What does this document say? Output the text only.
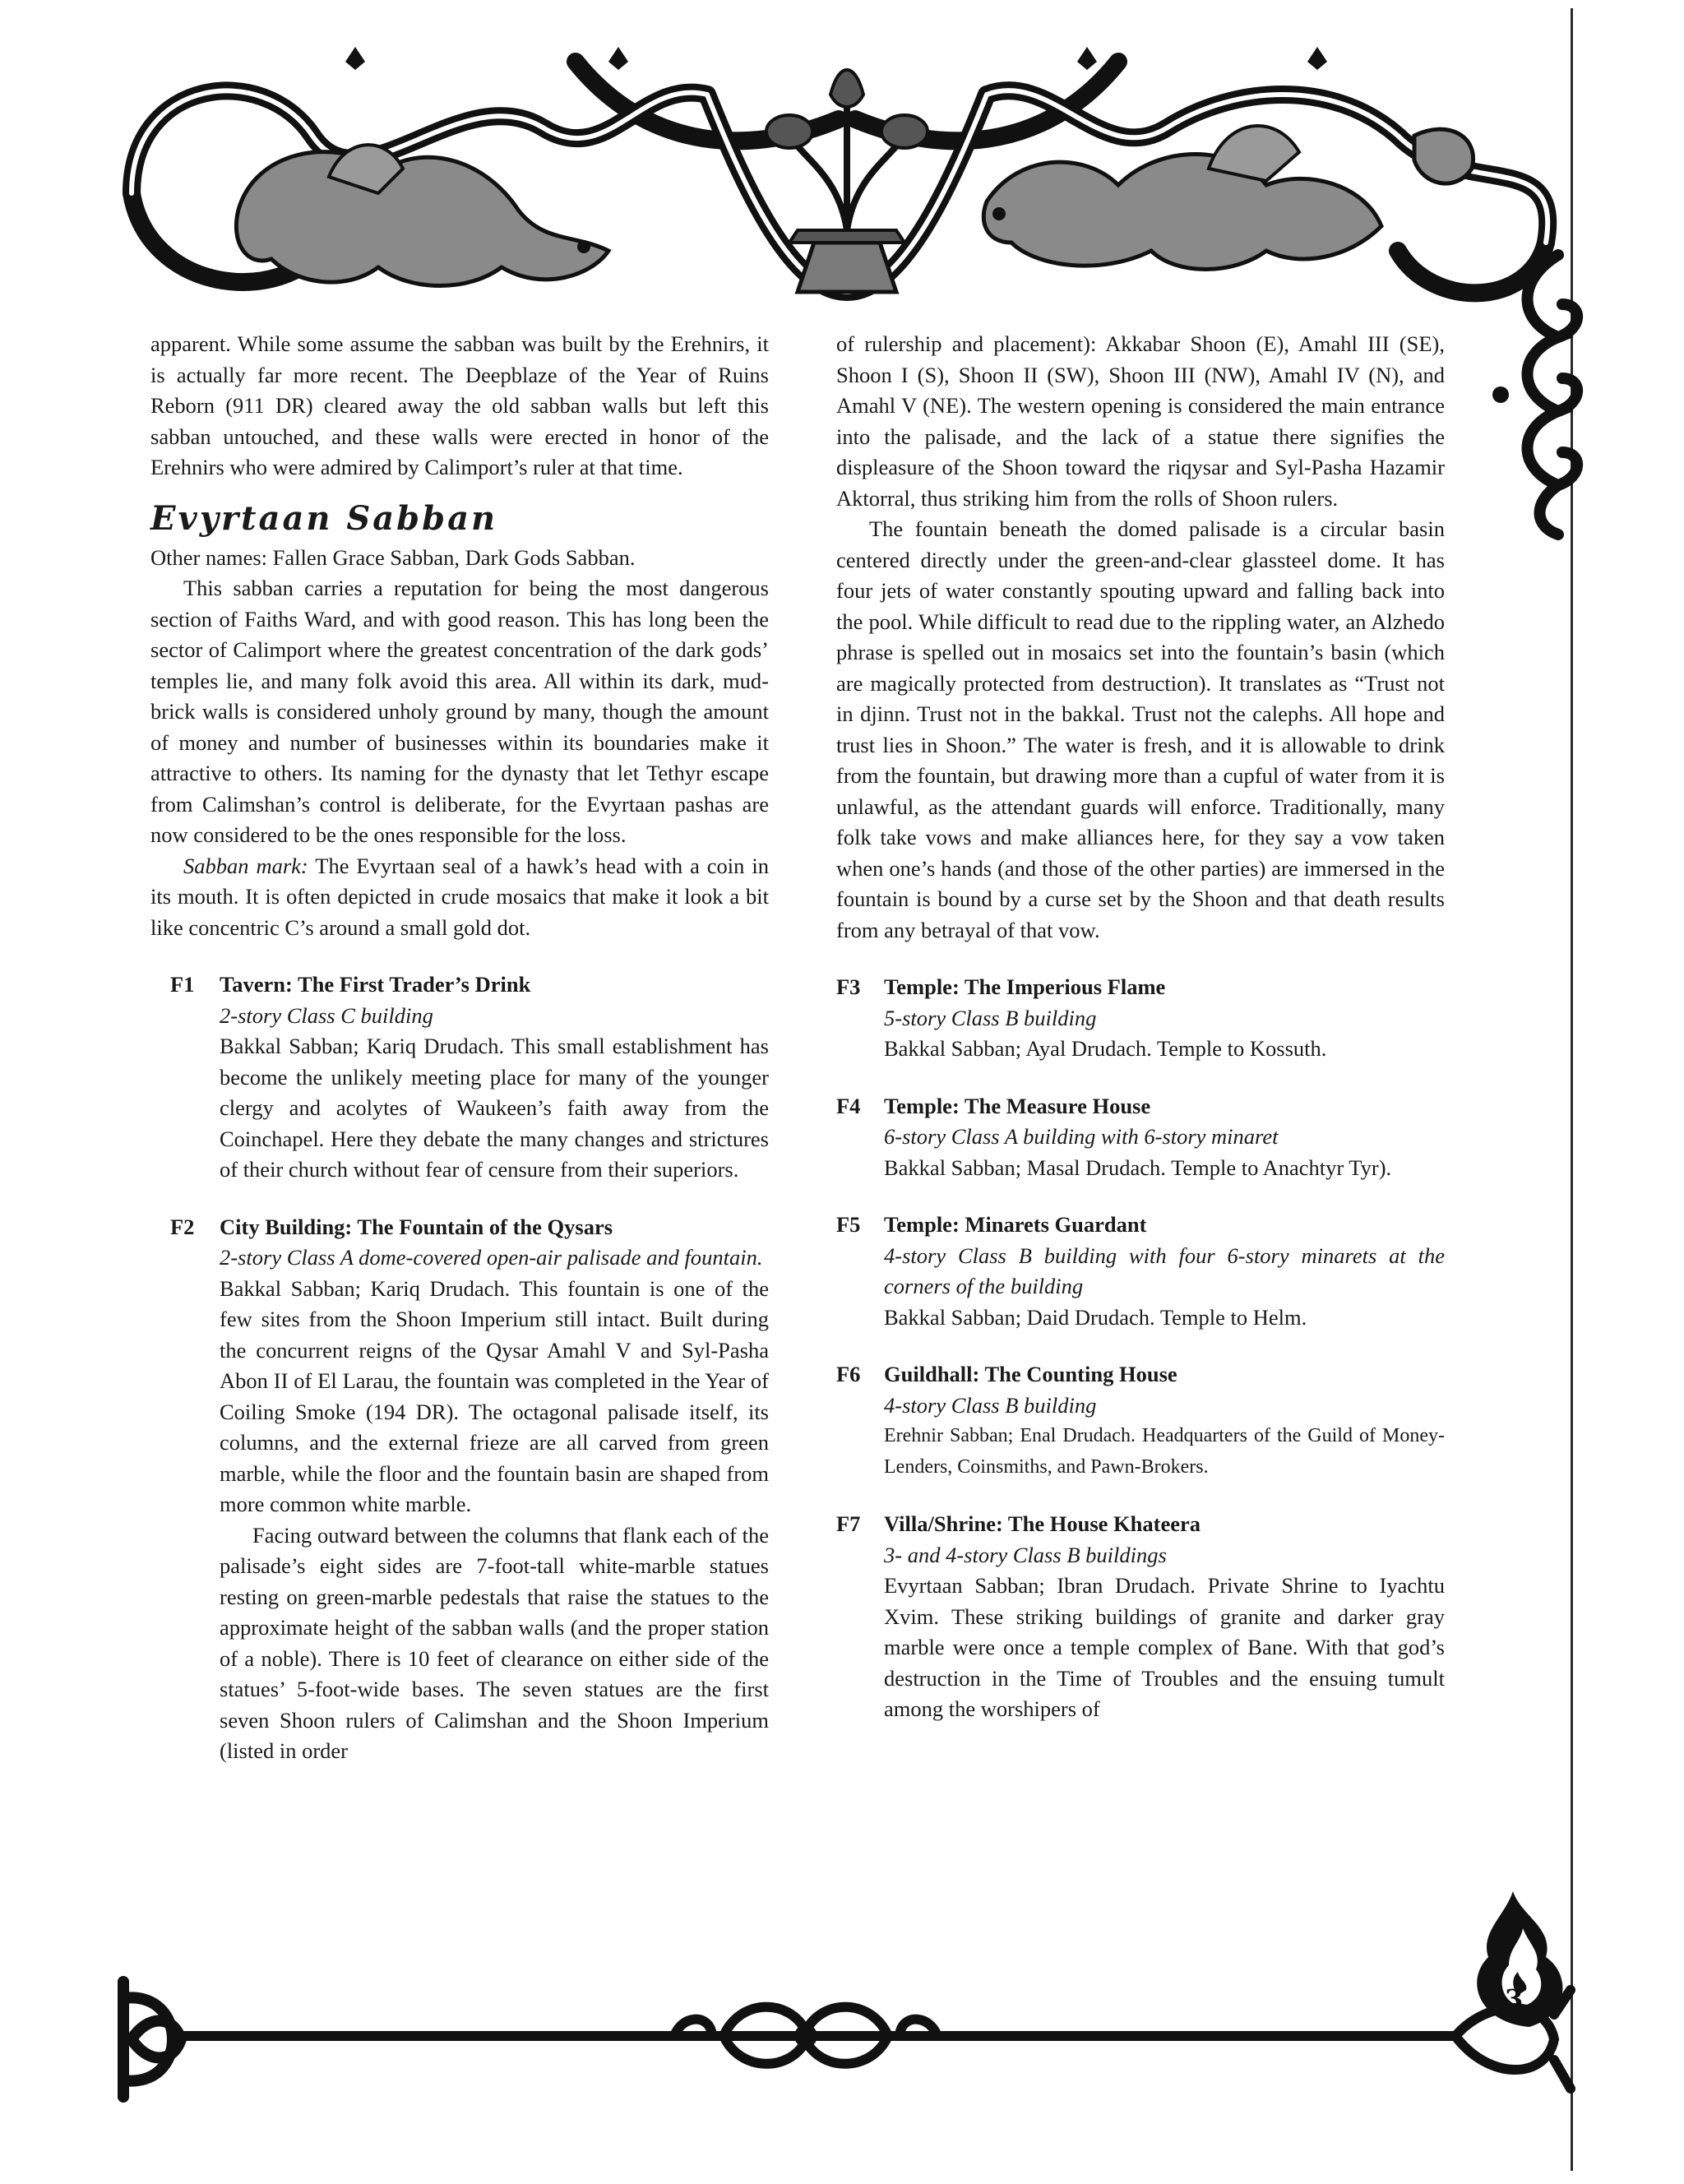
apparent. While some assume the sabban was built by the Erehnirs, it is actually far more recent. The Deepblaze of the Year of Ruins Reborn (911 DR) cleared away the old sabban walls but left this sabban untouched, and these walls were erected in honor of the Erehnirs who were admired by Calimport’s ruler at that time.

Evyrtaan Sabban

Other names: Fallen Grace Sabban, Dark Gods Sabban.

This sabban carries a reputation for being the most dangerous section of Faiths Ward, and with good reason. This has long been the sector of Calimport where the greatest concentration of the dark gods’ temples lie, and many folk avoid this area. All within its dark, mud-brick walls is considered unholy ground by many, though the amount of money and number of businesses within its boundaries make it attractive to others. Its naming for the dynasty that let Tethyr escape from Calimshan’s control is deliberate, for the Evyrtaan pashas are now considered to be the ones responsible for the loss.

Sabban mark: The Evyrtaan seal of a hawk’s head with a coin in its mouth. It is often depicted in crude mosaics that make it look a bit like concentric C’s around a small gold dot.

F1 Tavern: The First Trader’s Drink

2-story Class C building

Bakkal Sabban; Kariq Drudach. This small establishment has become the unlikely meeting place for many of the younger clergy and acolytes of Waukeen’s faith away from the Coinchapel. Here they debate the many changes and strictures of their church without fear of censure from their superiors.

F2 City Building: The Fountain of the Qysars

2-story Class A dome-covered open-air palisade and fountain.

Bakkal Sabban; Kariq Drudach. This fountain is one of the few sites from the Shoon Imperium still intact. Built during the concurrent reigns of the Qysar Amahl V and Syl-Pasha Abon II of El Larau, the fountain was completed in the Year of Coiling Smoke (194 DR). The octagonal palisade itself, its columns, and the external frieze are all carved from green marble, while the floor and the fountain basin are shaped from more common white marble.

Facing outward between the columns that flank each of the palisade’s eight sides are 7-foot-tall white-marble statues resting on green-marble pedestals that raise the statues to the approximate height of the sabban walls (and the proper station of a noble). There is 10 feet of clearance on either side of the statues’ 5-foot-wide bases. The seven statues are the first seven Shoon rulers of Calimshan and the Shoon Imperium (listed in order

of rulership and placement): Akkabar Shoon (E), Amahl III (SE), Shoon I (S), Shoon II (SW), Shoon III (NW), Amahl IV (N), and Amahl V (NE). The western opening is considered the main entrance into the palisade, and the lack of a statue there signifies the displeasure of the Shoon toward the riqysar and Syl-Pasha Hazamir Aktorral, thus striking him from the rolls of Shoon rulers.

The fountain beneath the domed palisade is a circular basin centered directly under the green-and-clear glassteel dome. It has four jets of water constantly spouting upward and falling back into the pool. While difficult to read due to the rippling water, an Alzhedo phrase is spelled out in mosaics set into the fountain’s basin (which are magically protected from destruction). It translates as “Trust not in djinn. Trust not in the bakkal. Trust not the calephs. All hope and trust lies in Shoon.” The water is fresh, and it is allowable to drink from the fountain, but drawing more than a cupful of water from it is unlawful, as the attendant guards will enforce. Traditionally, many folk take vows and make alliances here, for they say a vow taken when one’s hands (and those of the other parties) are immersed in the fountain is bound by a curse set by the Shoon and that death results from any betrayal of that vow.

F3 Temple: The Imperious Flame

5-story Class B building

Bakkal Sabban; Ayal Drudach. Temple to Kossuth.

F4 Temple: The Measure House

6-story Class A building with 6-story minaret

Bakkal Sabban; Masal Drudach. Temple to Anachtyr Tyr).

F5 Temple: Minarets Guardant

4-story Class B building with four 6-story minarets at the corners of the building

Bakkal Sabban; Daid Drudach. Temple to Helm.

F6 Guildhall: The Counting House

4-story Class B building

Erehnir Sabban; Enal Drudach. Headquarters of the Guild of Money-Lenders, Coinsmiths, and Pawn-Brokers.

F7 Villa/Shrine: The House Khateera

3- and 4-story Class B buildings

Evyrtaan Sabban; Ibran Drudach. Private Shrine to Iyachtu Xvim. These striking buildings of granite and darker gray marble were once a temple complex of Bane. With that god’s destruction in the Time of Troubles and the ensuing tumult among the worshipers of

33
